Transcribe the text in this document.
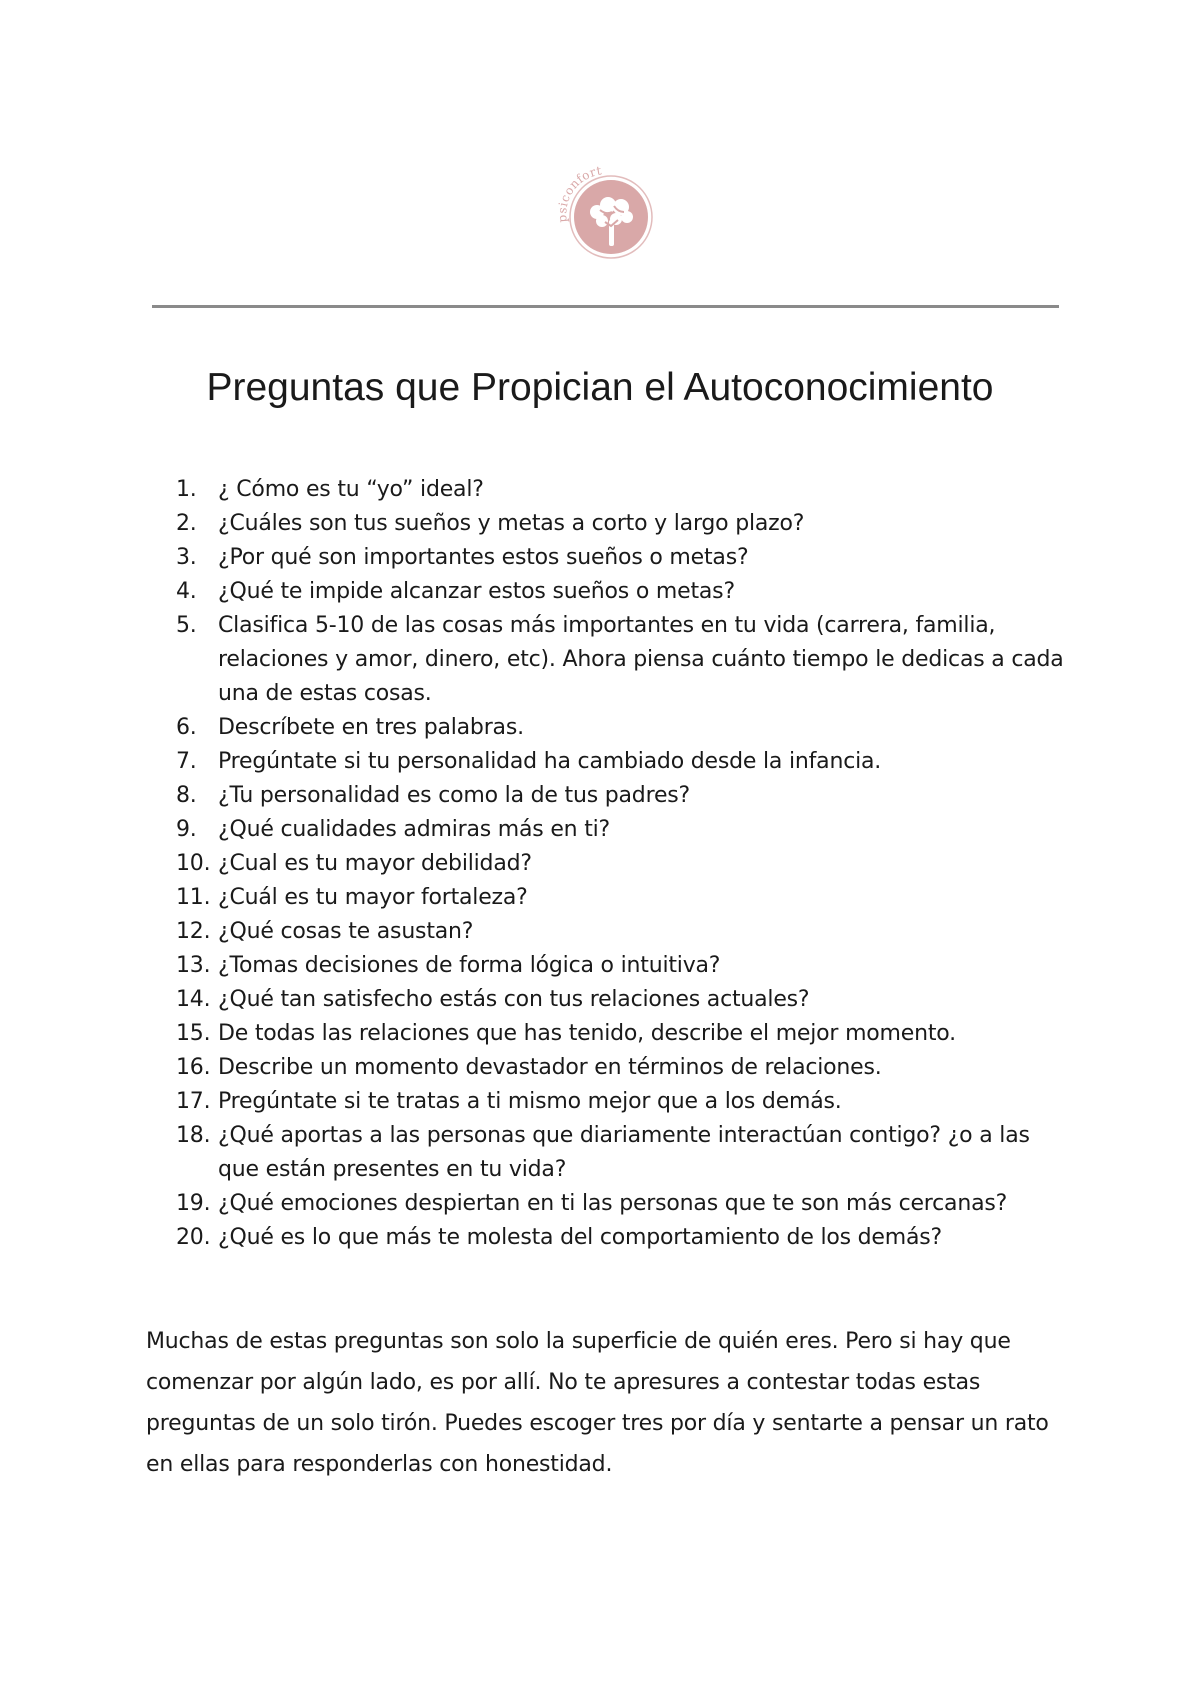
psiconfort
Preguntas que Propician el Autoconocimiento
1. ¿ Cómo es tu “yo” ideal?
2. ¿Cuáles son tus sueños y metas a corto y largo plazo?
3. ¿Por qué son importantes estos sueños o metas?
4. ¿Qué te impide alcanzar estos sueños o metas?
5. Clasifica 5-10 de las cosas más importantes en tu vida (carrera, familia, relaciones y amor, dinero, etc). Ahora piensa cuánto tiempo le dedicas a cada una de estas cosas.
6. Descríbete en tres palabras.
7. Pregúntate si tu personalidad ha cambiado desde la infancia.
8. ¿Tu personalidad es como la de tus padres?
9. ¿Qué cualidades admiras más en ti?
10. ¿Cual es tu mayor debilidad?
11. ¿Cuál es tu mayor fortaleza?
12. ¿Qué cosas te asustan?
13. ¿Tomas decisiones de forma lógica o intuitiva?
14. ¿Qué tan satisfecho estás con tus relaciones actuales?
15. De todas las relaciones que has tenido, describe el mejor momento.
16. Describe un momento devastador en términos de relaciones.
17. Pregúntate si te tratas a ti mismo mejor que a los demás.
18. ¿Qué aportas a las personas que diariamente interactúan contigo? ¿o a las que están presentes en tu vida?
19. ¿Qué emociones despiertan en ti las personas que te son más cercanas?
20. ¿Qué es lo que más te molesta del comportamiento de los demás?

Muchas de estas preguntas son solo la superficie de quién eres. Pero si hay que comenzar por algún lado, es por allí. No te apresures a contestar todas estas preguntas de un solo tirón. Puedes escoger tres por día y sentarte a pensar un rato en ellas para responderlas con honestidad.
